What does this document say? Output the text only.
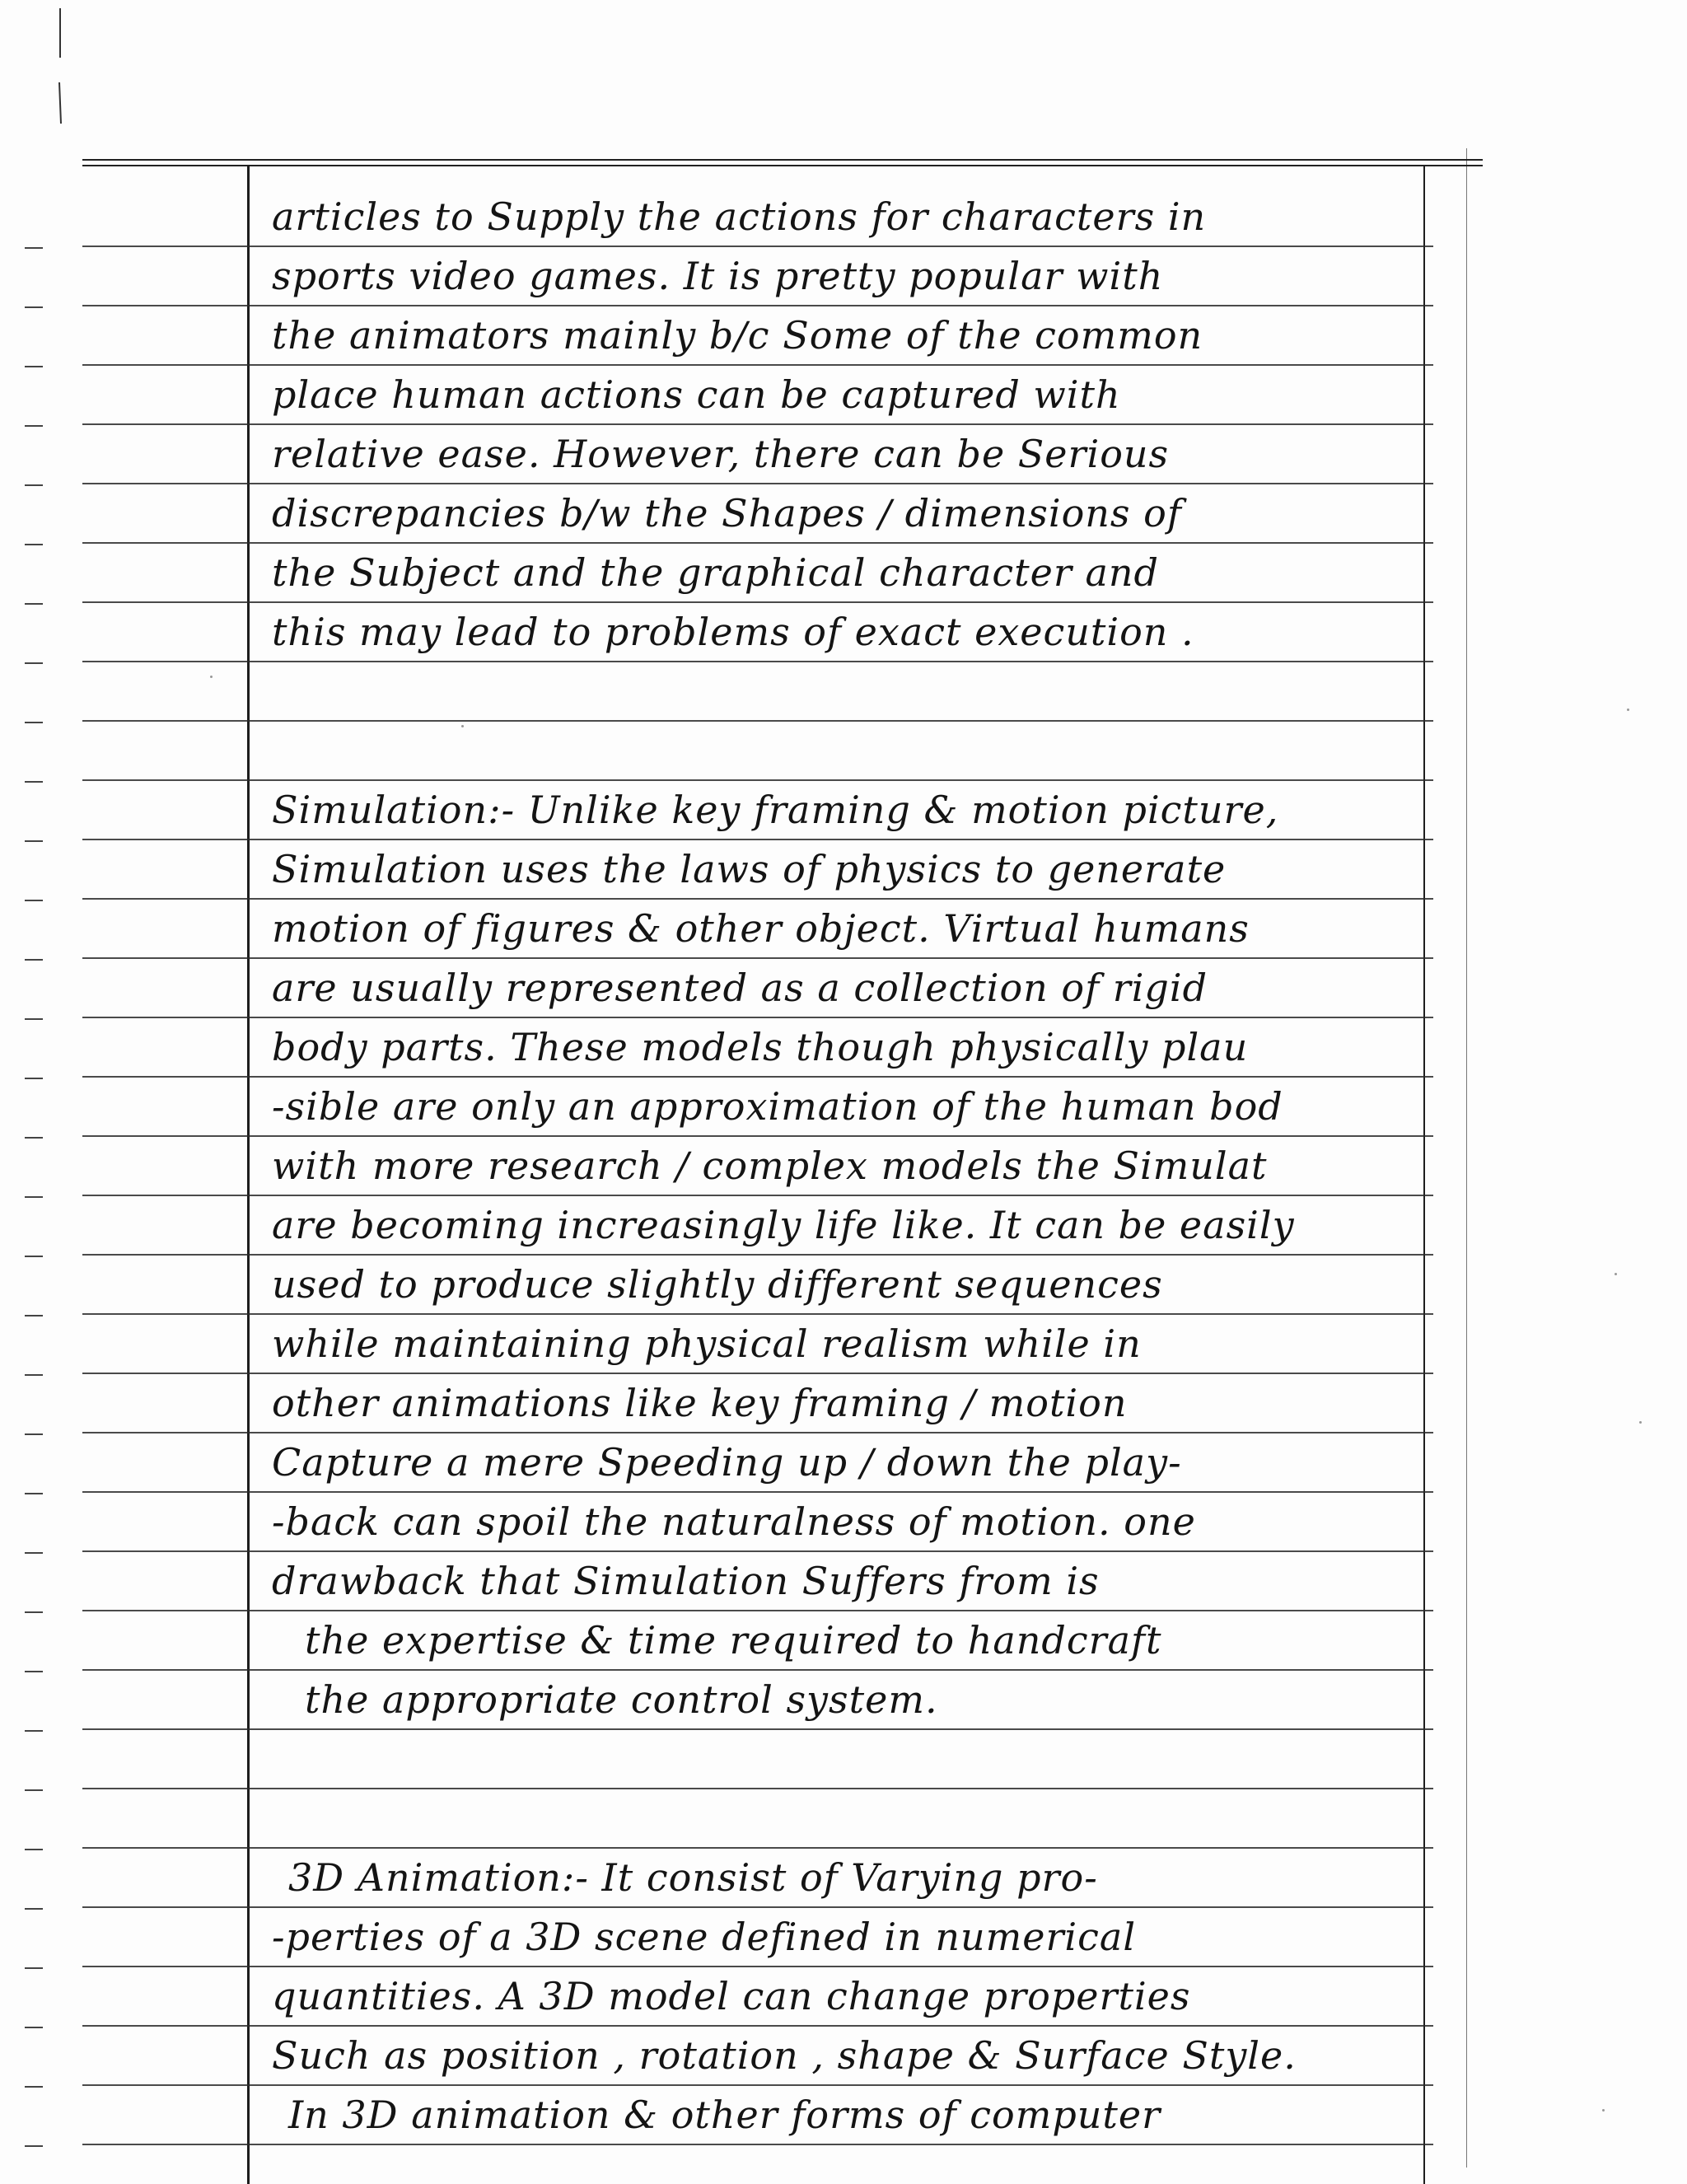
articles to Supply the actions for characters in
sports video games. It is pretty popular with
the animators mainly b/c Some of the common
place human actions can be captured with
relative ease. However, there can be Serious
discrepancies b/w the Shapes / dimensions of
the Subject and the graphical character and
this may lead to problems of exact execution .
Simulation:- Unlike key framing & motion picture,
Simulation uses the laws of physics to generate
motion of figures & other object. Virtual humans
are usually represented as a collection of rigid
body parts. These models though physically plau
-sible are only an approximation of the human bod
with more research / complex models the Simulat
are becoming increasingly life like. It can be easily
used to produce slightly different sequences
while maintaining physical realism while in
other animations like key framing / motion
Capture a mere Speeding up / down the play-
-back can spoil the naturalness of motion. one
drawback that Simulation Suffers from is
the expertise & time required to handcraft
the appropriate control system.
3D Animation:- It consist of Varying pro-
-perties of a 3D scene defined in numerical
quantities. A 3D model can change properties
Such as position , rotation , shape & Surface Style.
In 3D animation & other forms of computer
